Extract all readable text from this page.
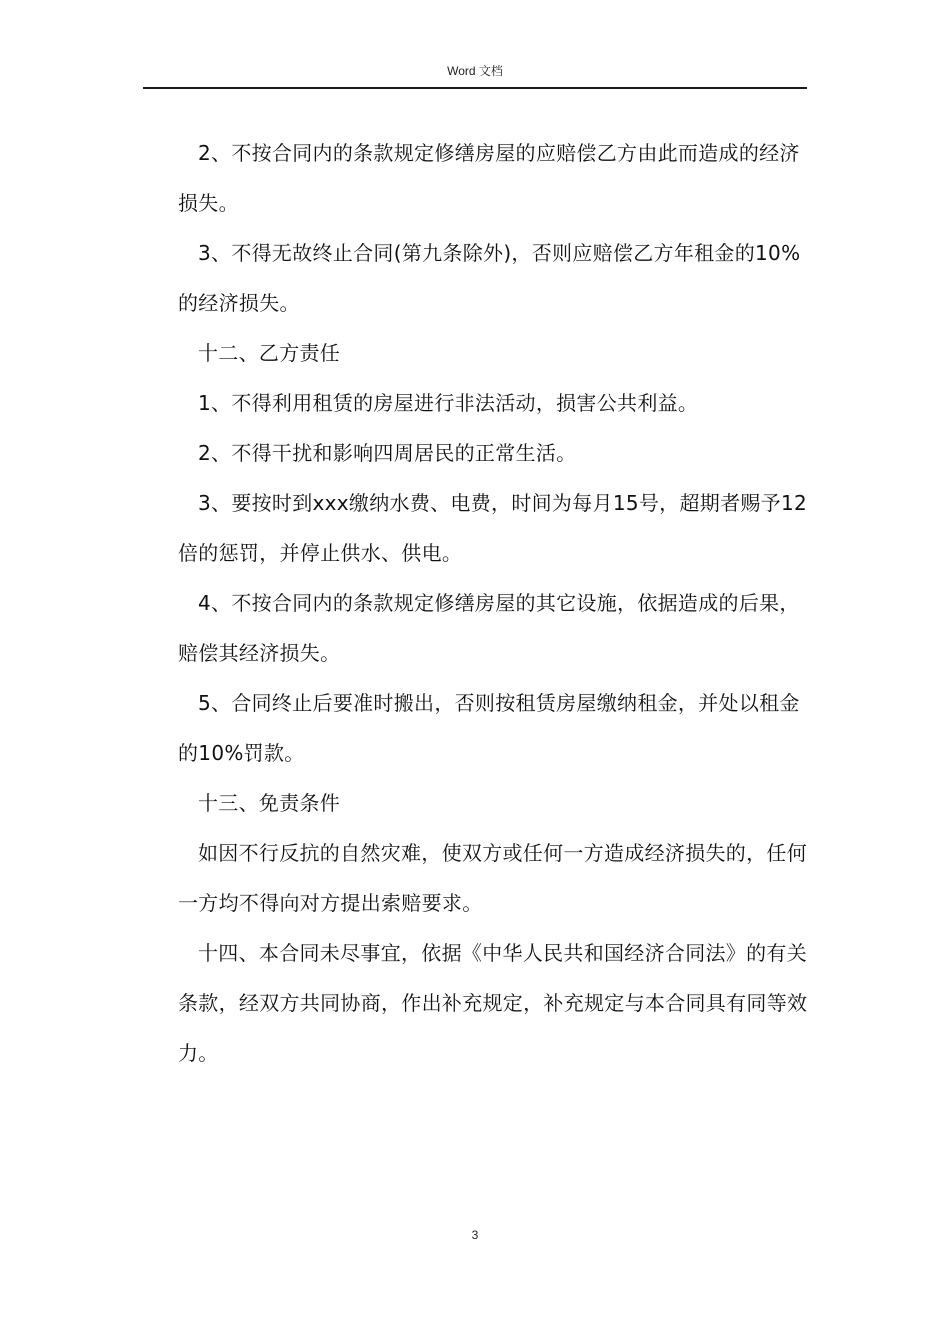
Word 文档

2、不按合同内的条款规定修缮房屋的应赔偿乙方由此而造成的经济损失。

3、不得无故终止合同(第九条除外)，否则应赔偿乙方年租金的10%的经济损失。

十二、乙方责任

1、不得利用租赁的房屋进行非法活动，损害公共利益。

2、不得干扰和影响四周居民的正常生活。

3、要按时到xxx缴纳水费、电费，时间为每月15号，超期者赐予12倍的惩罚，并停止供水、供电。

4、不按合同内的条款规定修缮房屋的其它设施，依据造成的后果，赔偿其经济损失。

5、合同终止后要准时搬出，否则按租赁房屋缴纳租金，并处以租金的10%罚款。

十三、免责条件

如因不行反抗的自然灾难，使双方或任何一方造成经济损失的，任何一方均不得向对方提出索赔要求。

十四、本合同未尽事宜，依据《中华人民共和国经济合同法》的有关条款，经双方共同协商，作出补充规定，补充规定与本合同具有同等效力。

3
